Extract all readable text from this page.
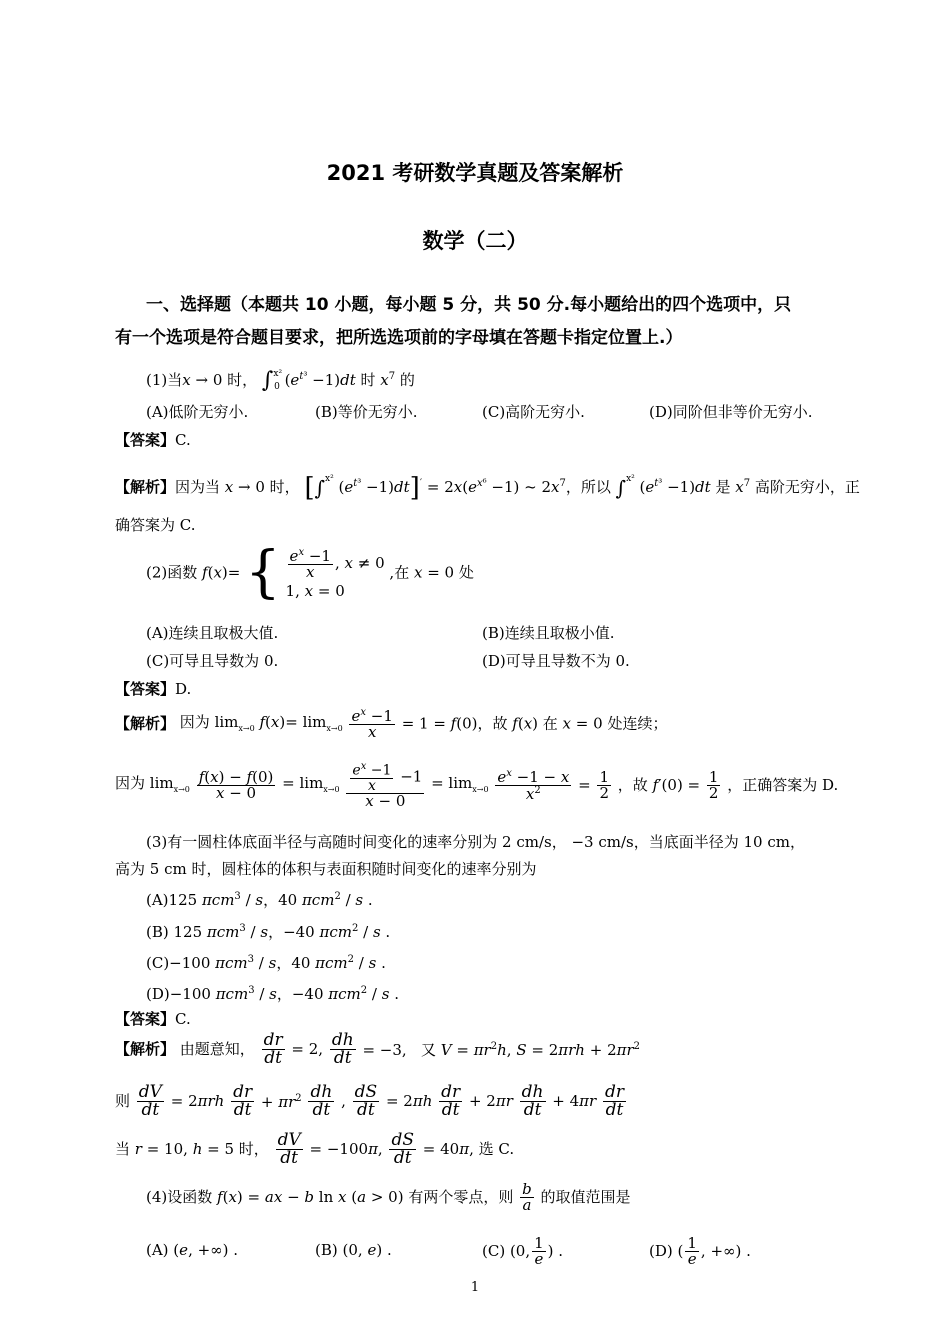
2021 考研数学真题及答案解析
数学（二）
一、选择题（本题共 10 小题，每小题 5 分，共 50 分.每小题给出的四个选项中，只
有一个选项是符合题目要求，把所选选项前的字母填在答题卡指定位置上.）
(1)当x → 0 时， ∫$^{x^2}$0 $(e^{t^3} -1)dt$ 时 $x^7$ 的
(A)低阶无穷小.	(B)等价无穷小.	(C)高阶无穷小.	(D)同阶但非等价无穷小.
【答案】C.
【解析】因为当 x → 0 时， [∫$^{x^2}$ $(e^{t^3} -1)dt]' = 2x(e^{x^6} -1)$ ~ $2x^7$，所以 ∫$^{x^2}$ $(e^{t^3} -1)dt$ 是 $x^7$ 高阶无穷小，正
确答案为 C.
(2)函数 f(x)= { $\frac{e^x -1}{x}$ , x ≠ 0
1, x = 0
,在 x = 0 处
(A)连续且取极大值.	(B)连续且取极小值.
(C)可导且导数为 0.	(D)可导且导数不为 0.
【答案】D.
【解析】 因为 $\lim_{x\to 0} f(x)= \lim_{x\to 0} \frac{e^x -1}{x} = 1 = f(0)$，故 f(x) 在 x = 0 处连续；
因为 $\lim_{x\to 0} \frac{f(x) - f(0)}{x - 0} = \lim_{x\to 0} \frac{\frac{e^x -1}{x} -1}{x - 0} = \lim_{x\to 0} \frac{e^x -1 - x}{x^2} = \frac{1}{2}$ ，故 $f'(0) = \frac{1}{2}$ ，正确答案为 D.
(3)有一圆柱体底面半径与高随时间变化的速率分别为 2 cm/s， −3 cm/s，当底面半径为 10 cm，
高为 5 cm 时，圆柱体的体积与表面积随时间变化的速率分别为
(A)125 πcm$^3$ / s，40 πcm$^2$ / s .
(B) 125 πcm$^3$ / s，−40 πcm$^2$ / s .
(C)−100 πcm$^3$ / s，40 πcm$^2$ / s .
(D)−100 πcm$^3$ / s，−40 πcm$^2$ / s .
【答案】C.
【解析】 由题意知， $\frac{dr}{dt} = 2$, $\frac{dh}{dt} = -3$,   又 $V = \pi r^2h$, $S = 2\pi rh + 2\pi r^2$
则 $\frac{dV}{dt} = 2\pi rh \frac{dr}{dt} + \pi r^2 \frac{dh}{dt}$ , $\frac{dS}{dt} = 2\pi h \frac{dr}{dt} + 2\pi r \frac{dh}{dt} + 4\pi r \frac{dr}{dt}$
当 r = 10, h = 5 时， $\frac{dV}{dt} = -100\pi$, $\frac{dS}{dt} = 40\pi$, 选 C.
(4)设函数 f(x) = ax − b ln x (a > 0) 有两个零点，则 $\frac{b}{a}$ 的取值范围是
(A) (e, +∞) .	(B) (0, e) .	(C) (0, $\frac{1}{e}$ ) .	(D) ( $\frac{1}{e}$ , +∞) .
1
